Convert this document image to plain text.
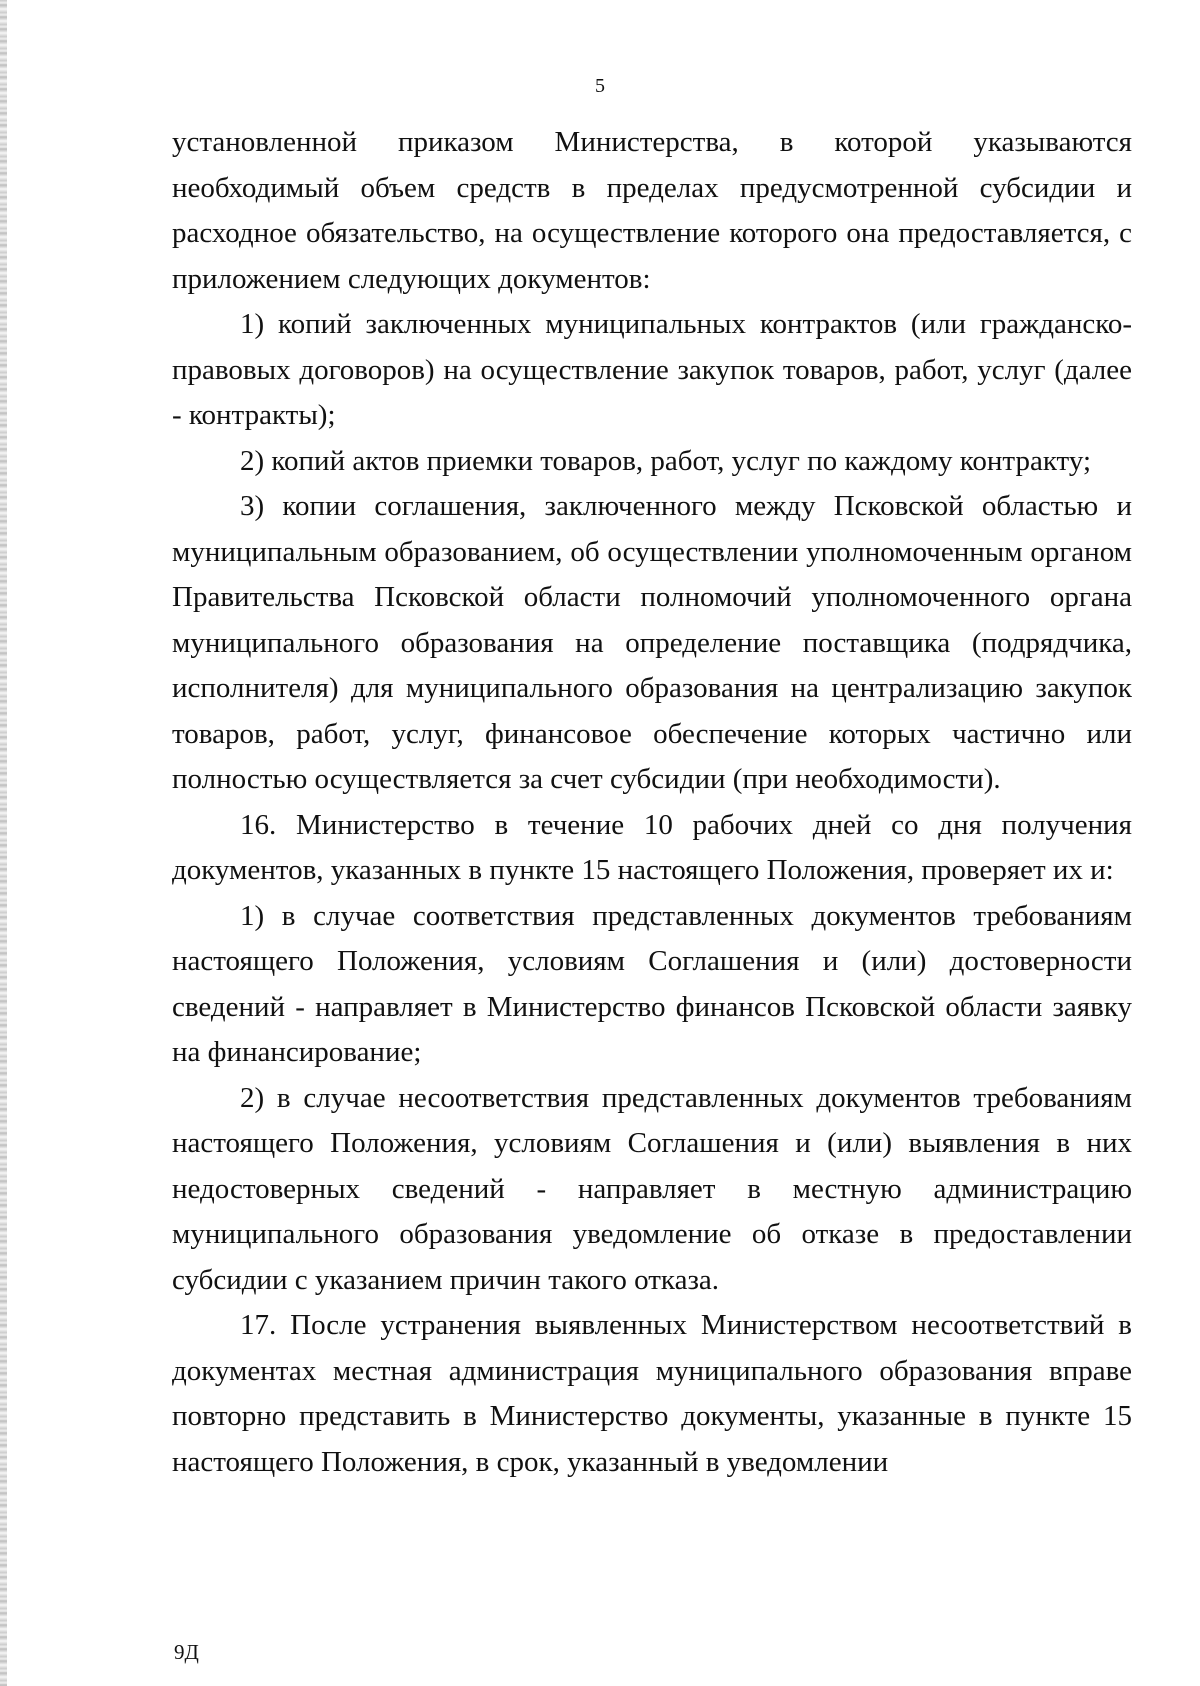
5

установленной приказом Министерства, в которой указываются необходимый объем средств в пределах предусмотренной субсидии и расходное обязательство, на осуществление которого она предоставляется, с приложением следующих документов:

1) копий заключенных муниципальных контрактов (или гражданско-правовых договоров) на осуществление закупок товаров, работ, услуг (далее - контракты);

2) копий актов приемки товаров, работ, услуг по каждому контракту;

3) копии соглашения, заключенного между Псковской областью и муниципальным образованием, об осуществлении уполномоченным органом Правительства Псковской области полномочий уполномоченного органа муниципального образования на определение поставщика (подрядчика, исполнителя) для муниципального образования на централизацию закупок товаров, работ, услуг, финансовое обеспечение которых частично или полностью осуществляется за счет субсидии (при необходимости).

16. Министерство в течение 10 рабочих дней со дня получения документов, указанных в пункте 15 настоящего Положения, проверяет их и:

1) в случае соответствия представленных документов требованиям настоящего Положения, условиям Соглашения и (или) достоверности сведений - направляет в Министерство финансов Псковской области заявку на финансирование;

2) в случае несоответствия представленных документов требованиям настоящего Положения, условиям Соглашения и (или) выявления в них недостоверных сведений - направляет в местную администрацию муниципального образования уведомление об отказе в предоставлении субсидии с указанием причин такого отказа.

17. После устранения выявленных Министерством несоответствий в документах местная администрация муниципального образования вправе повторно представить в Министерство документы, указанные в пункте 15 настоящего Положения, в срок, указанный в уведомлении

9Д
